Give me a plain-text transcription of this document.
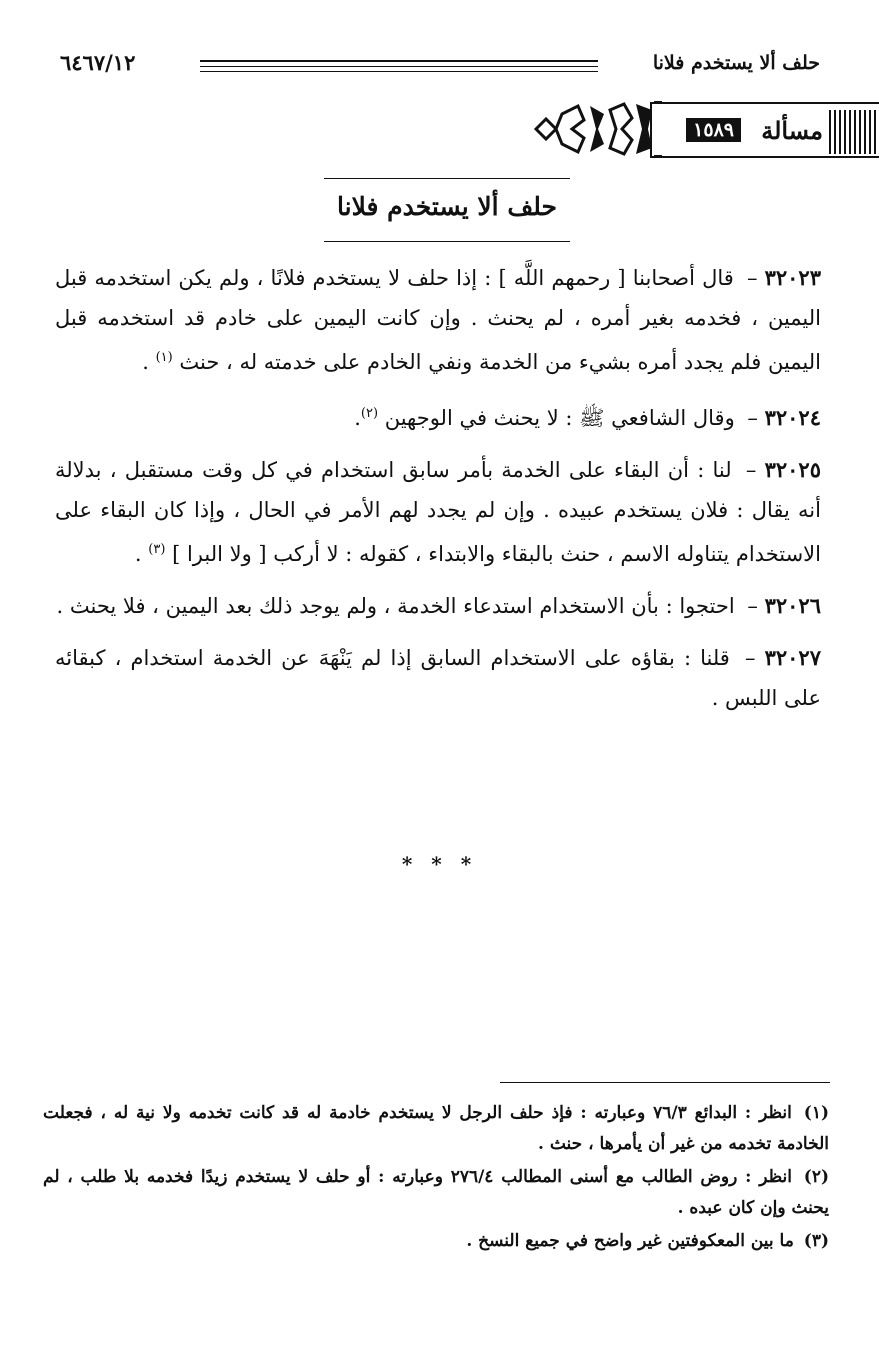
حلف ألا يستخدم فلانا
٦٤٦٧/١٢
مسألة
١٥٨٩
حلف ألا يستخدم فلانا

٣٢٠٢٣ – قال أصحابنا [ رحمهم اللَّه ] : إذا حلف لا يستخدم فلانًا ، ولم يكن استخدمه قبل اليمين ، فخدمه بغير أمره ، لم يحنث . وإن كانت اليمين على خادم قد استخدمه قبل اليمين فلم يجدد أمره بشيء من الخدمة ونفي الخادم على خدمته له ، حنث $^{(١)}$ .

٣٢٠٢٤ – وقال الشافعي ﷺ : لا يحنث في الوجهين $^{(٢)}$.

٣٢٠٢٥ – لنا : أن البقاء على الخدمة بأمر سابق استخدام في كل وقت مستقبل ، بدلالة أنه يقال : فلان يستخدم عبيده . وإن لم يجدد لهم الأمر في الحال ، وإذا كان البقاء على الاستخدام يتناوله الاسم ، حنث بالبقاء والابتداء ، كقوله : لا أركب [ ولا البرا ] $^{(٣)}$ .

٣٢٠٢٦ – احتجوا : بأن الاستخدام استدعاء الخدمة ، ولم يوجد ذلك بعد اليمين ، فلا يحنث .

٣٢٠٢٧ – قلنا : بقاؤه على الاستخدام السابق إذا لم يَنْهَهَ عن الخدمة استخدام ، كبقائه على اللبس .

* * *

(١) انظر : البدائع ٧٦/٣ وعبارته : فإذ حلف الرجل لا يستخدم خادمة له قد كانت تخدمه ولا نية له ، فجعلت الخادمة تخدمه من غير أن يأمرها ، حنث .

(٢) انظر : روض الطالب مع أسنى المطالب ٢٧٦/٤ وعبارته : أو حلف لا يستخدم زيدًا فخدمه بلا طلب ، لم يحنث وإن كان عبده .

(٣) ما بين المعكوفتين غير واضح في جميع النسخ .
